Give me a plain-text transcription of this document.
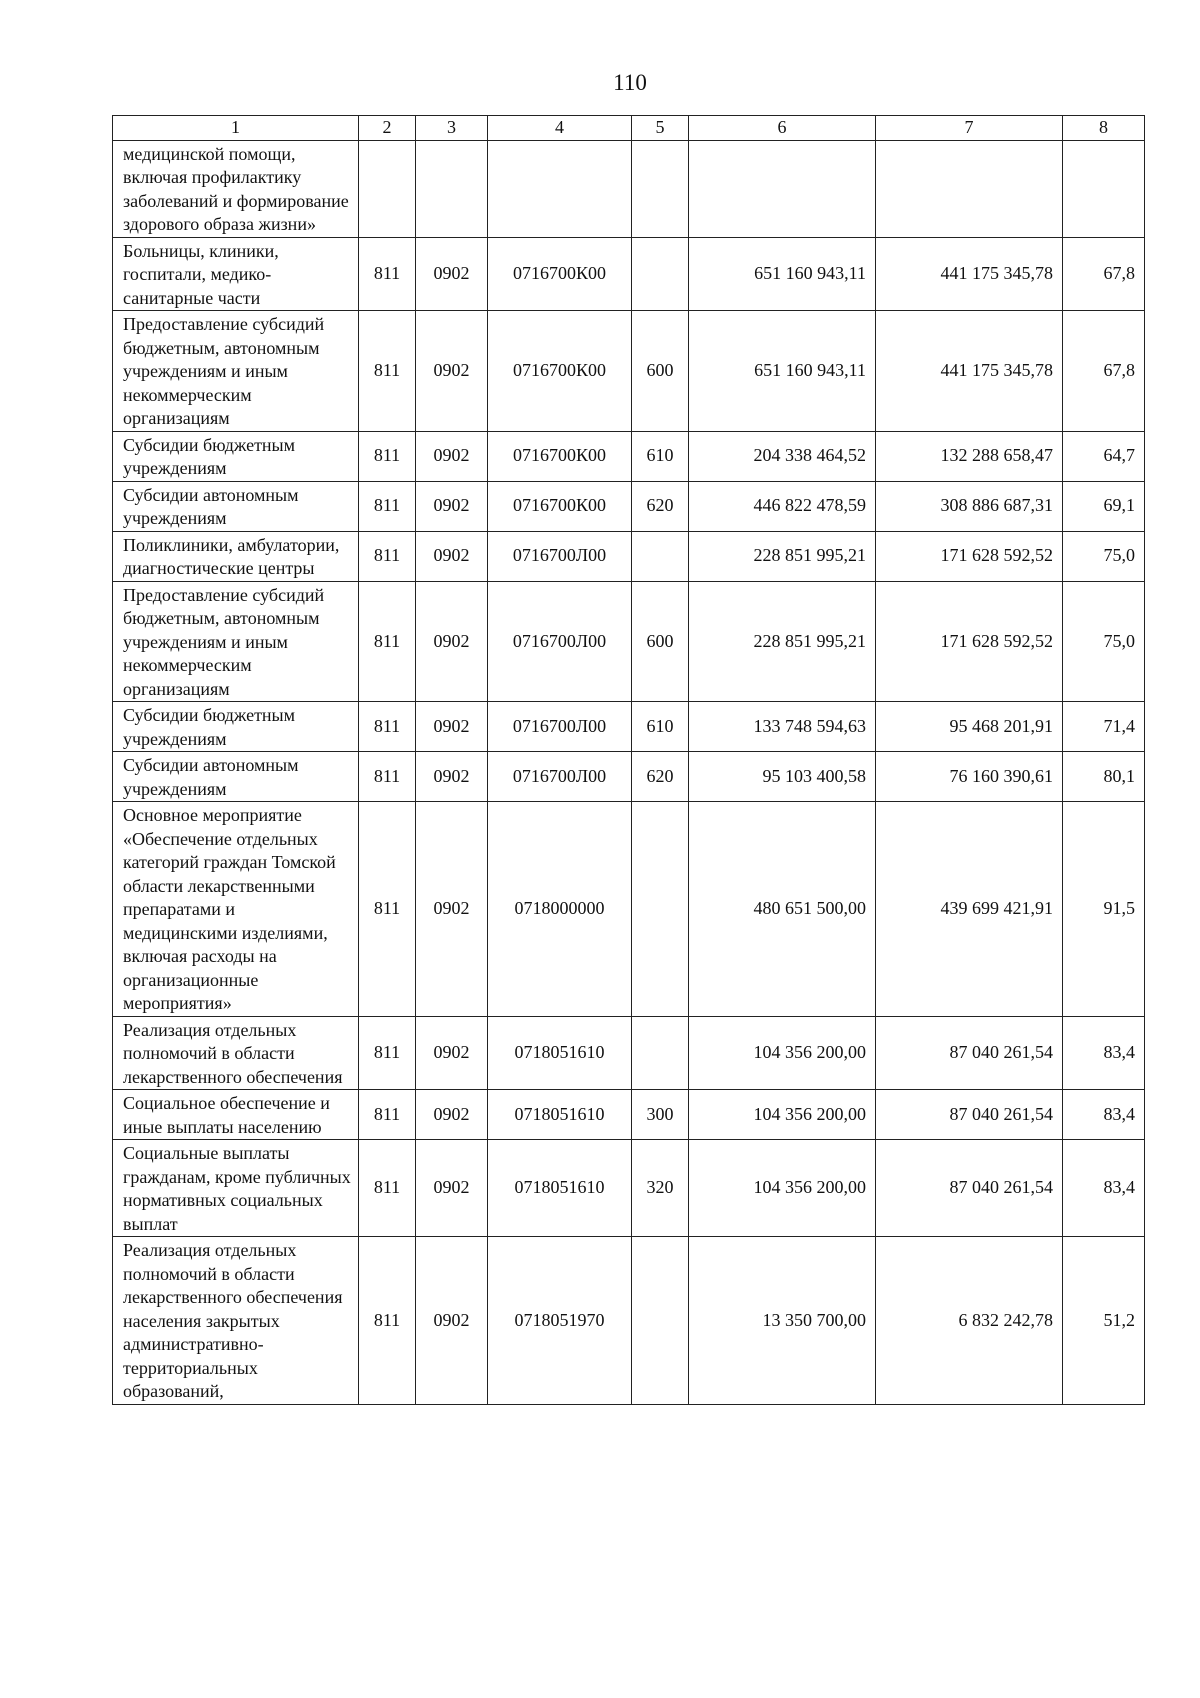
110
1	2	3	4	5	6	7	8
медицинской помощи, включая профилактику заболеваний и формирование здорового образа жизни»							
Больницы, клиники, госпитали, медико-санитарные части	811	0902	0716700К00		651 160 943,11	441 175 345,78	67,8
Предоставление субсидий бюджетным, автономным учреждениям и иным некоммерческим организациям	811	0902	0716700К00	600	651 160 943,11	441 175 345,78	67,8
Субсидии бюджетным учреждениям	811	0902	0716700К00	610	204 338 464,52	132 288 658,47	64,7
Субсидии автономным учреждениям	811	0902	0716700К00	620	446 822 478,59	308 886 687,31	69,1
Поликлиники, амбулатории, диагностические центры	811	0902	0716700Л00		228 851 995,21	171 628 592,52	75,0
Предоставление субсидий бюджетным, автономным учреждениям и иным некоммерческим организациям	811	0902	0716700Л00	600	228 851 995,21	171 628 592,52	75,0
Субсидии бюджетным учреждениям	811	0902	0716700Л00	610	133 748 594,63	95 468 201,91	71,4
Субсидии автономным учреждениям	811	0902	0716700Л00	620	95 103 400,58	76 160 390,61	80,1
Основное мероприятие «Обеспечение отдельных категорий граждан Томской области лекарственными препаратами и медицинскими изделиями, включая расходы на организационные мероприятия»	811	0902	0718000000		480 651 500,00	439 699 421,91	91,5
Реализация отдельных полномочий в области лекарственного обеспечения	811	0902	0718051610		104 356 200,00	87 040 261,54	83,4
Социальное обеспечение и иные выплаты населению	811	0902	0718051610	300	104 356 200,00	87 040 261,54	83,4
Социальные выплаты гражданам, кроме публичных нормативных социальных выплат	811	0902	0718051610	320	104 356 200,00	87 040 261,54	83,4
Реализация отдельных полномочий в области лекарственного обеспечения населения закрытых административно-территориальных образований,	811	0902	0718051970		13 350 700,00	6 832 242,78	51,2
